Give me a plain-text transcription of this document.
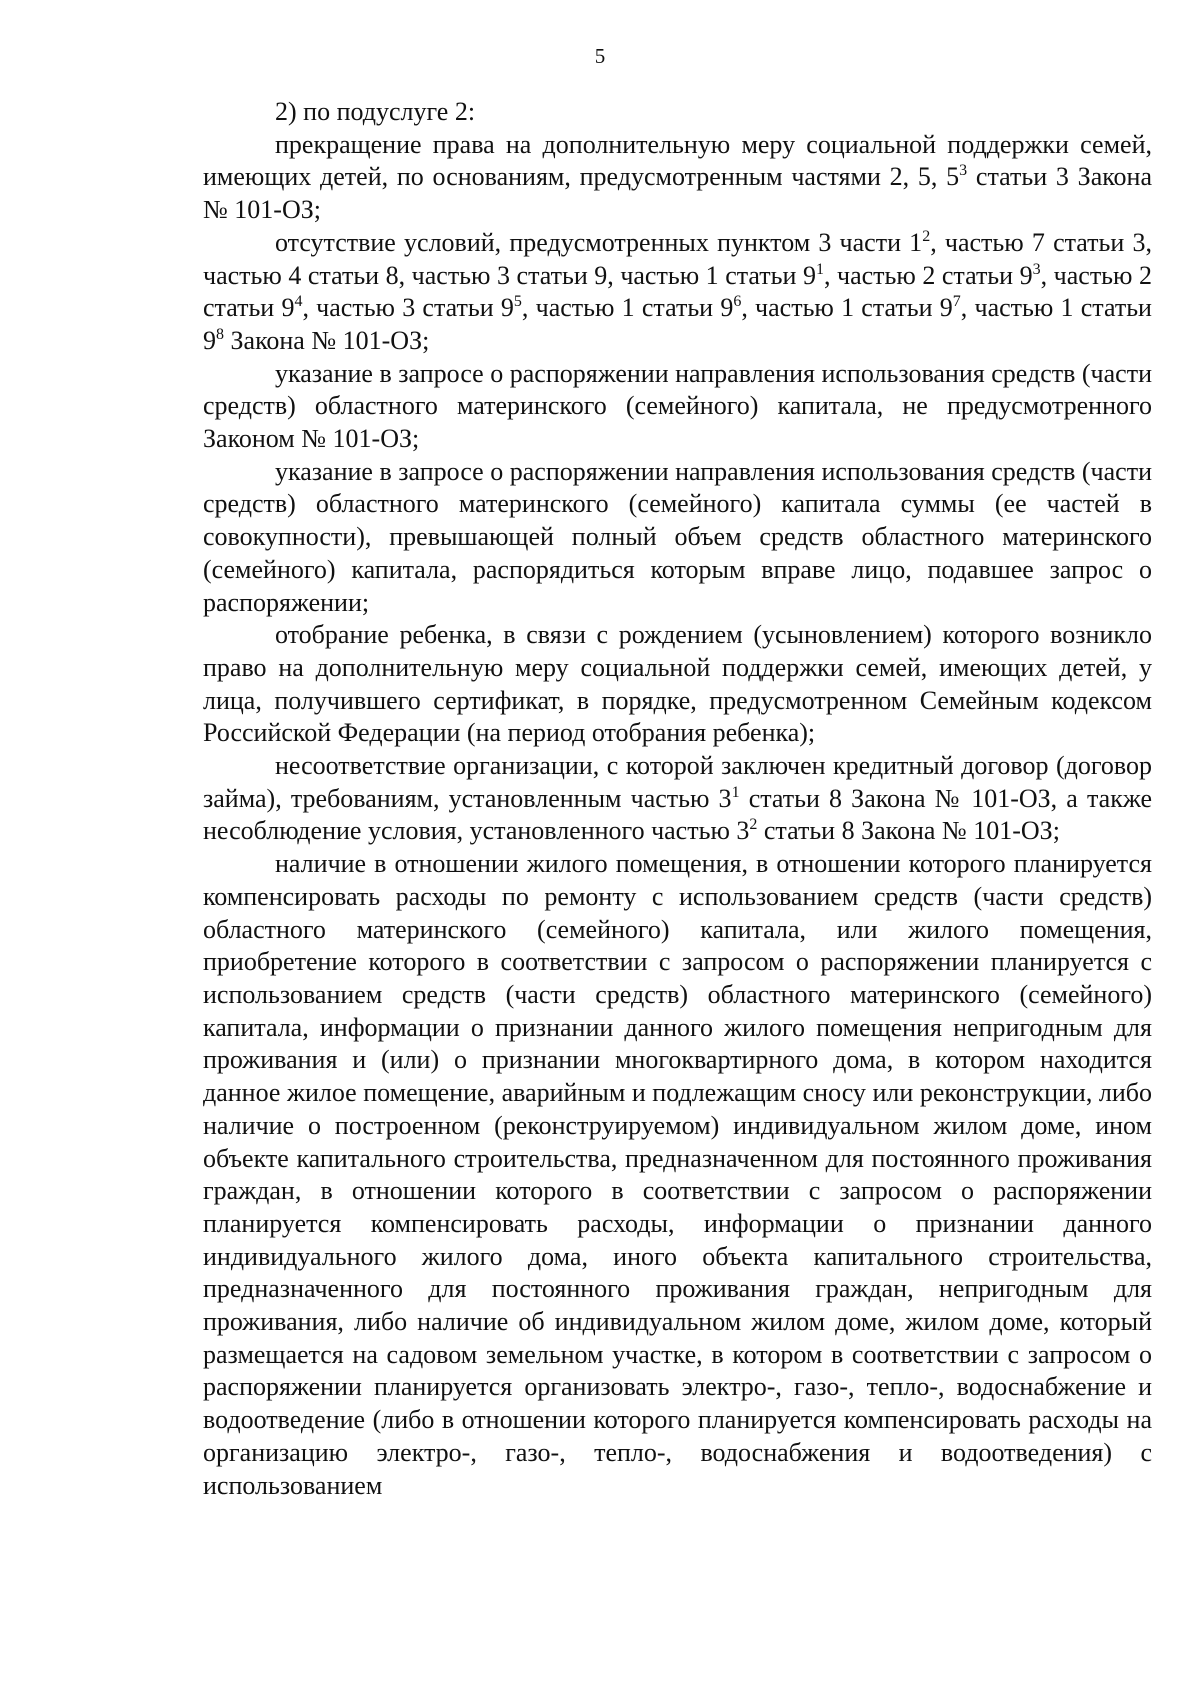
5

2) по подуслуге 2:

прекращение права на дополнительную меру социальной поддержки семей, имеющих детей, по основаниям, предусмотренным частями 2, 5, $5^3$ статьи 3 Закона № 101-ОЗ;

отсутствие условий, предусмотренных пунктом 3 части $1^2$, частью 7 статьи 3, частью 4 статьи 8, частью 3 статьи 9, частью 1 статьи $9^1$, частью 2 статьи $9^3$, частью 2 статьи $9^4$, частью 3 статьи $9^5$, частью 1 статьи $9^6$, частью 1 статьи $9^7$, частью 1 статьи $9^8$ Закона № 101-ОЗ;

указание в запросе о распоряжении направления использования средств (части средств) областного материнского (семейного) капитала, не предусмотренного Законом № 101-ОЗ;

указание в запросе о распоряжении направления использования средств (части средств) областного материнского (семейного) капитала суммы (ее частей в совокупности), превышающей полный объем средств областного материнского (семейного) капитала, распорядиться которым вправе лицо, подавшее запрос о распоряжении;

отобрание ребенка, в связи с рождением (усыновлением) которого возникло право на дополнительную меру социальной поддержки семей, имеющих детей, у лица, получившего сертификат, в порядке, предусмотренном Семейным кодексом Российской Федерации (на период отобрания ребенка);

несоответствие организации, с которой заключен кредитный договор (договор займа), требованиям, установленным частью $3^1$ статьи 8 Закона № 101-ОЗ, а также несоблюдение условия, установленного частью $3^2$ статьи 8 Закона № 101-ОЗ;

наличие в отношении жилого помещения, в отношении которого планируется компенсировать расходы по ремонту с использованием средств (части средств) областного материнского (семейного) капитала, или жилого помещения, приобретение которого в соответствии с запросом о распоряжении планируется с использованием средств (части средств) областного материнского (семейного) капитала, информации о признании данного жилого помещения непригодным для проживания и (или) о признании многоквартирного дома, в котором находится данное жилое помещение, аварийным и подлежащим сносу или реконструкции, либо наличие о построенном (реконструируемом) индивидуальном жилом доме, ином объекте капитального строительства, предназначенном для постоянного проживания граждан, в отношении которого в соответствии с запросом о распоряжении планируется компенсировать расходы, информации о признании данного индивидуального жилого дома, иного объекта капитального строительства, предназначенного для постоянного проживания граждан, непригодным для проживания, либо наличие об индивидуальном жилом доме, жилом доме, который размещается на садовом земельном участке, в котором в соответствии с запросом о распоряжении планируется организовать электро-, газо-, тепло-, водоснабжение и водоотведение (либо в отношении которого планируется компенсировать расходы на организацию электро-, газо-, тепло-, водоснабжения и водоотведения) с использованием
